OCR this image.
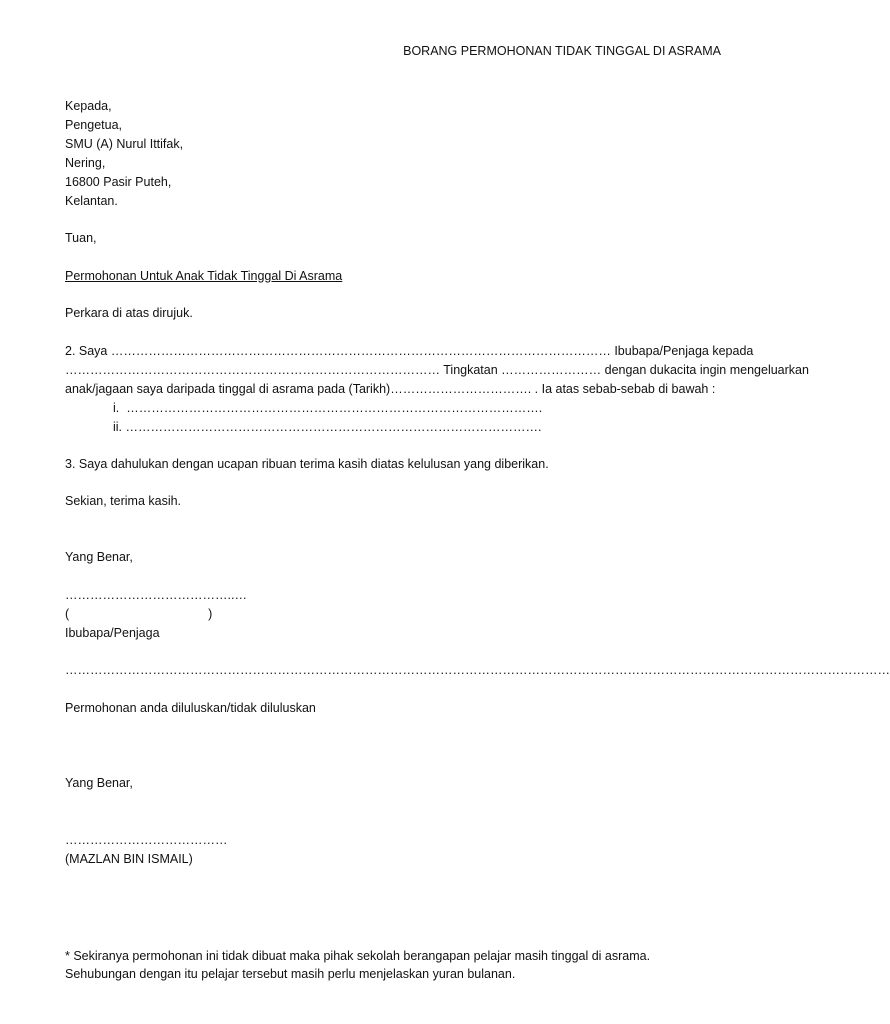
BORANG PERMOHONAN TIDAK TINGGAL DI ASRAMA
Kepada,
Pengetua,
SMU (A) Nurul Ittifak,
Nering,
16800 Pasir Puteh,
Kelantan.
Tuan,
Permohonan Untuk Anak Tidak Tinggal Di Asrama
Perkara di atas dirujuk.
2. Saya ………………………………………………………………………………………………………… Ibubapa/Penjaga kepada
……………………………………………………………………………… Tingkatan …………………… dengan dukacita ingin mengeluarkan
anak/jagaan saya daripada tinggal di asrama pada (Tarikh)……………………………. . Ia atas sebab-sebab di bawah :
i.  ……………………………………………………………………………………….
ii. ……………………………………………………………………………………….
3. Saya dahulukan dengan ucapan ribuan terima kasih diatas kelulusan yang diberikan.
Sekian, terima kasih.
Yang Benar,
…………………………………..…
(                                        )
Ibubapa/Penjaga
………………………………………………………………………………………………………………………………………………………………………………
Permohonan anda diluluskan/tidak diluluskan
Yang Benar,
…………………………………
(MAZLAN BIN ISMAIL)
* Sekiranya permohonan ini tidak dibuat maka pihak sekolah berangapan pelajar masih tinggal di asrama.
Sehubungan dengan itu pelajar tersebut masih perlu menjelaskan yuran bulanan.
